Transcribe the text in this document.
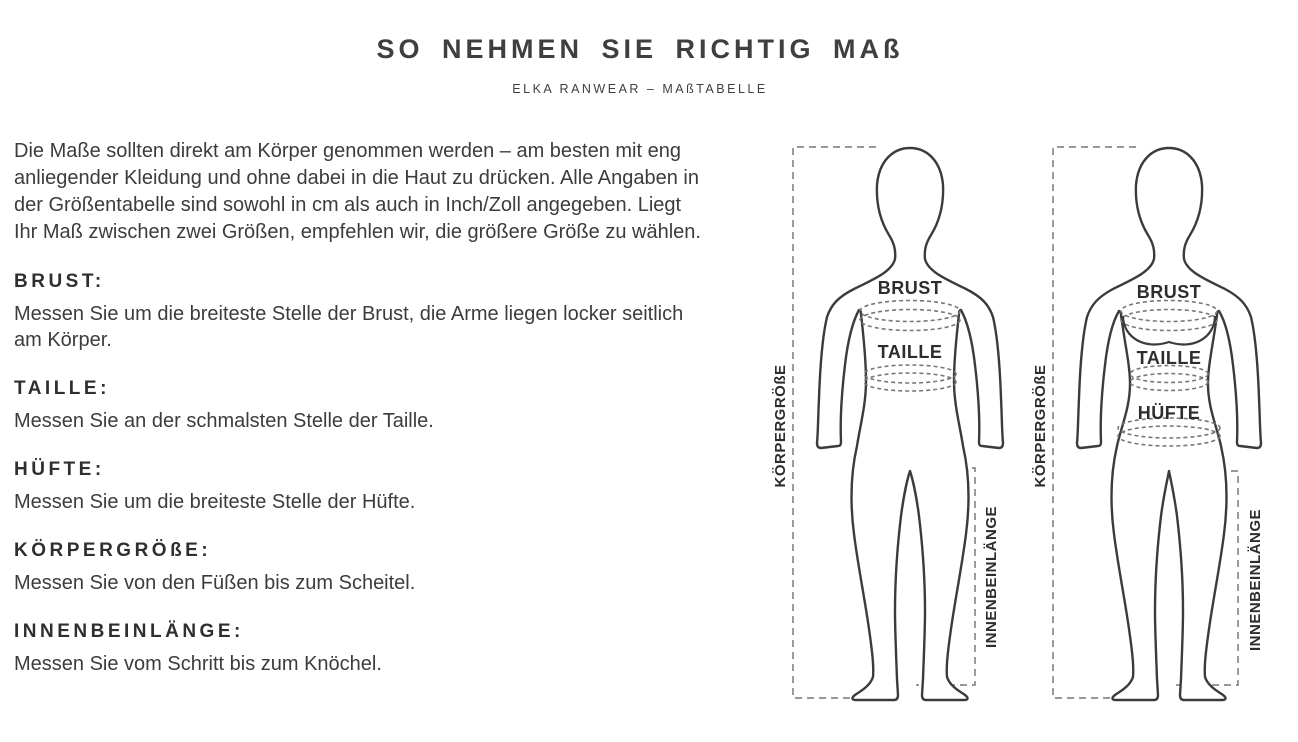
SO NEHMEN SIE RICHTIG MAß
ELKA RANWEAR – MAßTABELLE
Die Maße sollten direkt am Körper genommen werden – am besten mit eng
anliegender Kleidung und ohne dabei in die Haut zu drücken. Alle Angaben in
der Größentabelle sind sowohl in cm als auch in Inch/Zoll angegeben. Liegt
Ihr Maß zwischen zwei Größen, empfehlen wir, die größere Größe zu wählen.
BRUST:
Messen Sie um die breiteste Stelle der Brust, die Arme liegen locker seitlich
am Körper.
TAILLE:
Messen Sie an der schmalsten Stelle der Taille.
HÜFTE:
Messen Sie um die breiteste Stelle der Hüfte.
KÖRPERGRÖßE:
Messen Sie von den Füßen bis zum Scheitel.
INNENBEINLÄNGE:
Messen Sie vom Schritt bis zum Knöchel.
BRUST
TAILLE
KÖRPERGRÖßE
INNENBEINLÄNGE
BRUST
TAILLE
HÜFTE
KÖRPERGRÖßE
INNENBEINLÄNGE
